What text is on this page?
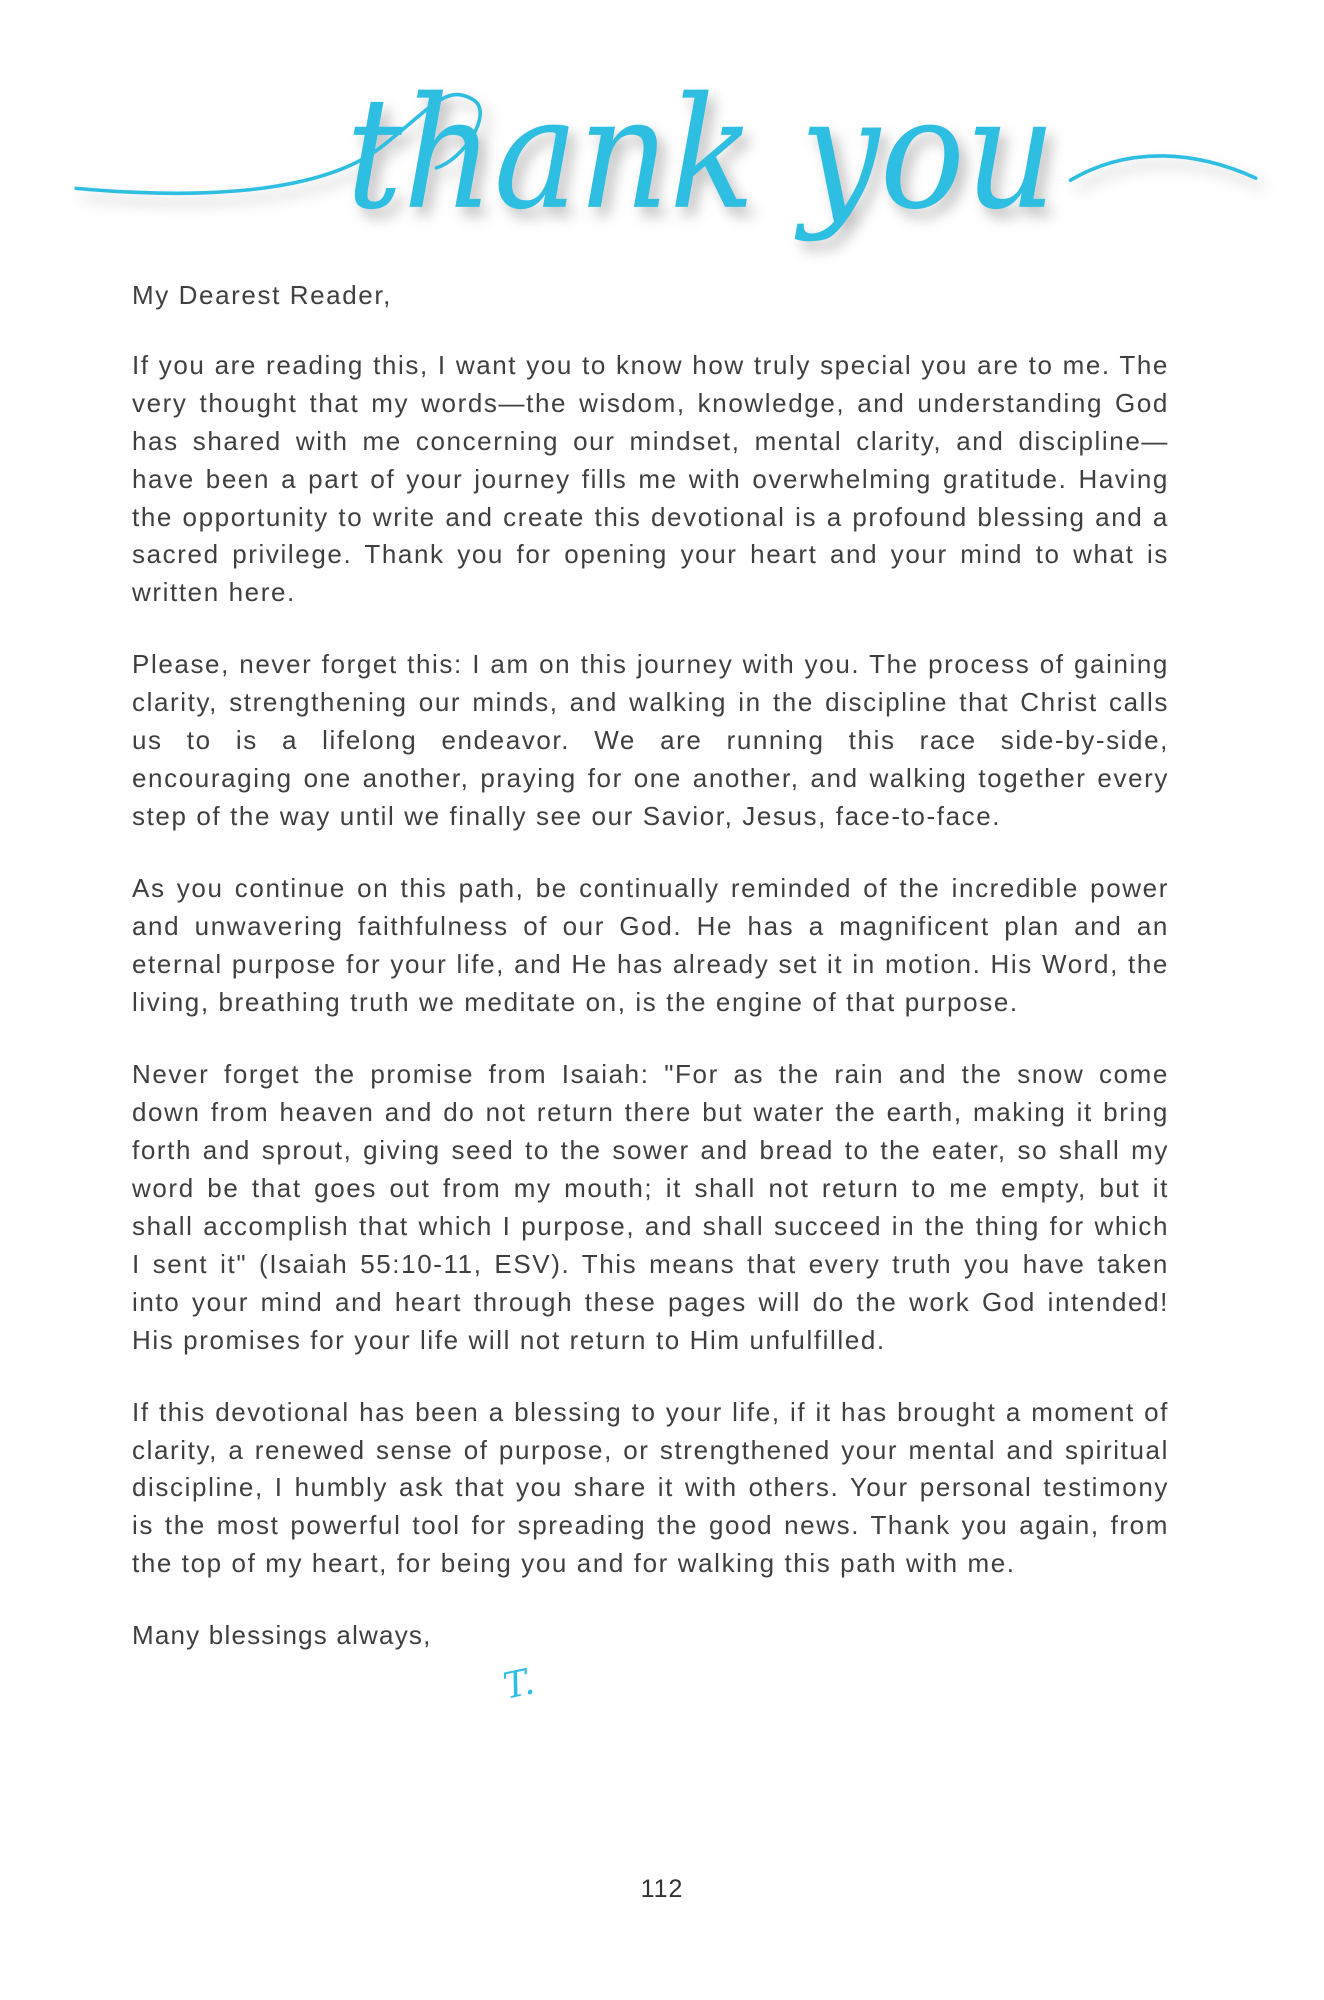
thank you

My Dearest Reader,

If you are reading this, I want you to know how truly special you are to me. The very thought that my words—the wisdom, knowledge, and understanding God has shared with me concerning our mindset, mental clarity, and discipline—have been a part of your journey fills me with overwhelming gratitude. Having the opportunity to write and create this devotional is a profound blessing and a sacred privilege. Thank you for opening your heart and your mind to what is written here.

Please, never forget this: I am on this journey with you. The process of gaining clarity, strengthening our minds, and walking in the discipline that Christ calls us to is a lifelong endeavor. We are running this race side-by-side, encouraging one another, praying for one another, and walking together every step of the way until we finally see our Savior, Jesus, face-to-face.

As you continue on this path, be continually reminded of the incredible power and unwavering faithfulness of our God. He has a magnificent plan and an eternal purpose for your life, and He has already set it in motion. His Word, the living, breathing truth we meditate on, is the engine of that purpose.

Never forget the promise from Isaiah: "For as the rain and the snow come down from heaven and do not return there but water the earth, making it bring forth and sprout, giving seed to the sower and bread to the eater, so shall my word be that goes out from my mouth; it shall not return to me empty, but it shall accomplish that which I purpose, and shall succeed in the thing for which I sent it" (Isaiah 55:10-11, ESV). This means that every truth you have taken into your mind and heart through these pages will do the work God intended! His promises for your life will not return to Him unfulfilled.

If this devotional has been a blessing to your life, if it has brought a moment of clarity, a renewed sense of purpose, or strengthened your mental and spiritual discipline, I humbly ask that you share it with others. Your personal testimony is the most powerful tool for spreading the good news. Thank you again, from the top of my heart, for being you and for walking this path with me.

Many blessings always,

T.
112
